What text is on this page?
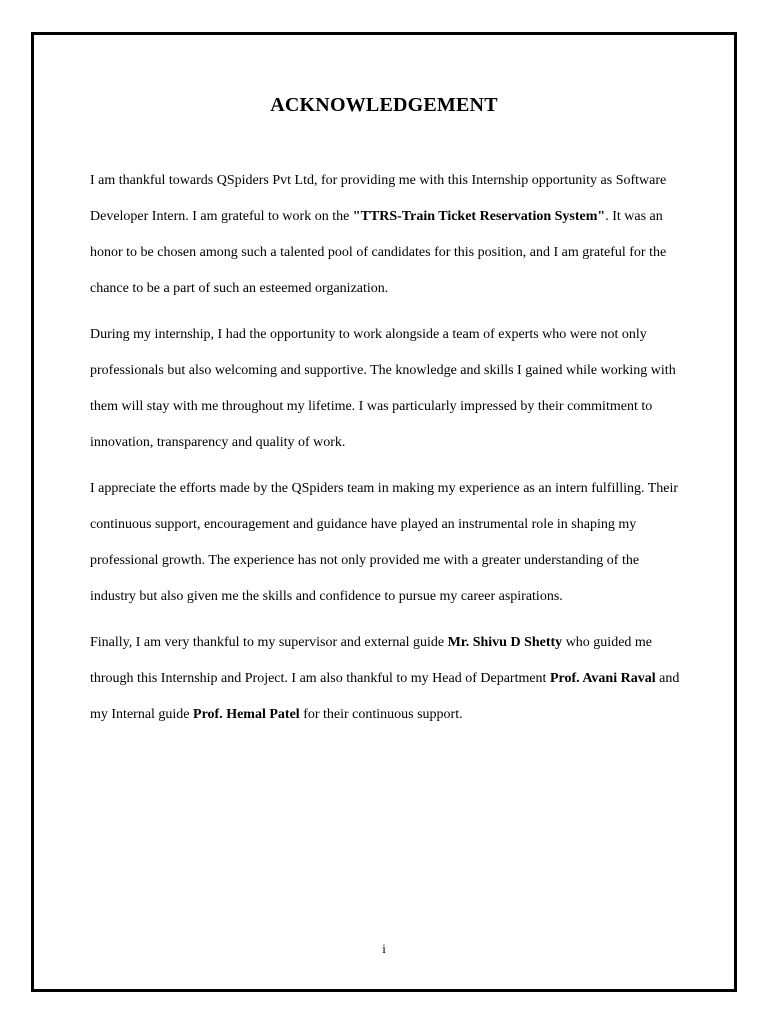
ACKNOWLEDGEMENT

I am thankful towards QSpiders Pvt Ltd, for providing me with this Internship opportunity as Software Developer Intern. I am grateful to work on the "TTRS-Train Ticket Reservation System". It was an honor to be chosen among such a talented pool of candidates for this position, and I am grateful for the chance to be a part of such an esteemed organization.

During my internship, I had the opportunity to work alongside a team of experts who were not only professionals but also welcoming and supportive. The knowledge and skills I gained while working with them will stay with me throughout my lifetime. I was particularly impressed by their commitment to innovation, transparency and quality of work.

I appreciate the efforts made by the QSpiders team in making my experience as an intern fulfilling. Their continuous support, encouragement and guidance have played an instrumental role in shaping my professional growth. The experience has not only provided me with a greater understanding of the industry but also given me the skills and confidence to pursue my career aspirations.

Finally, I am very thankful to my supervisor and external guide Mr. Shivu D Shetty who guided me through this Internship and Project. I am also thankful to my Head of Department Prof. Avani Raval and my Internal guide Prof. Hemal Patel for their continuous support.

i
